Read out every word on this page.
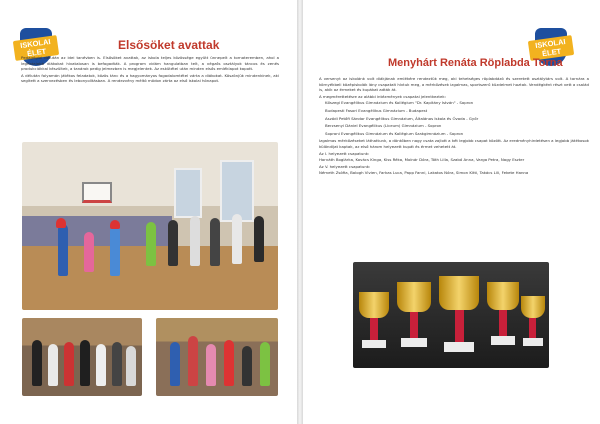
ISKOLAI ÉLET
Elsősöket avattak

Pedagógiai délután az idei tanévben is. Elsősöket avattak, az iskola teljes közössége együtt ünnepelt a tornateremben, ahol a legfiatalabb diákokat hivatalosan is befogadták. A program vidám hangulatban telt, a végzős osztályok táncos és zenés produkciókkal készültek, a tanárok pedig jelmezben is megjelentek. Az eskütétel után minden elsős emléklapot kapott.

A délután folyamán játékos feladatok, közös tánc és a hagyományos fogadalomtétel várta a diákokat. Köszönjük mindenkinek, aki segített a szervezésben és lebonyolításban. A rendezvény méltó módon zárta az első iskolai hónapot.

ISKOLAI ÉLET
Menyhárt Renáta Röplabda Torna

A versenyt az iskolánk volt diákjának emlékére rendeztük meg, aki tehetséges röplabdázó és szeretett osztálytárs volt. A tornára a környékbeli középiskolák lány csapatait hívtuk meg, a mérkőzések izgalmas, sportszerű küzdelmet hoztak. Vendégként részt vett a család is, akik az érmeket és kupákat adták át.

A megmérettetésre az alábbi intézmények csapatai jelentkeztek:

Kőszegi Evangélikus Gimnázium és Kollégium "Dr. Kapitány István" - Sopron

Budapesti Fasori Evangélikus Gimnázium - Budapest

Aszódi Petőfi Sándor Evangélikus Gimnázium, Általános Iskola és Óvoda - Győr

Berzsenyi Dániel Evangélikus (Líceum) Gimnázium - Sopron

Soproni Evangélikus Gimnázium és Kollégium Szakgimnázium - Sopron

Izgalmas mérkőzéseket láthattunk, a döntőben nagy csata zajlott a két legjobb csapat között. Az eredményhirdetésen a legjobb játékosok különdíjat kaptak, az első három helyezett kupát és érmet vehetett át.

Az I. helyezett csapatunk:

Horváth Boglárka, Kovács Kinga, Kiss Réka, Molnár Dóra, Tóth Lilla, Szabó Anna, Varga Petra, Nagy Eszter

Az V. helyezett csapatunk:

Németh Zsófia, Balogh Vivien, Farkas Luca, Papp Fanni, Lakatos Nóra, Simon Kitti, Takács Lili, Fekete Hanna
